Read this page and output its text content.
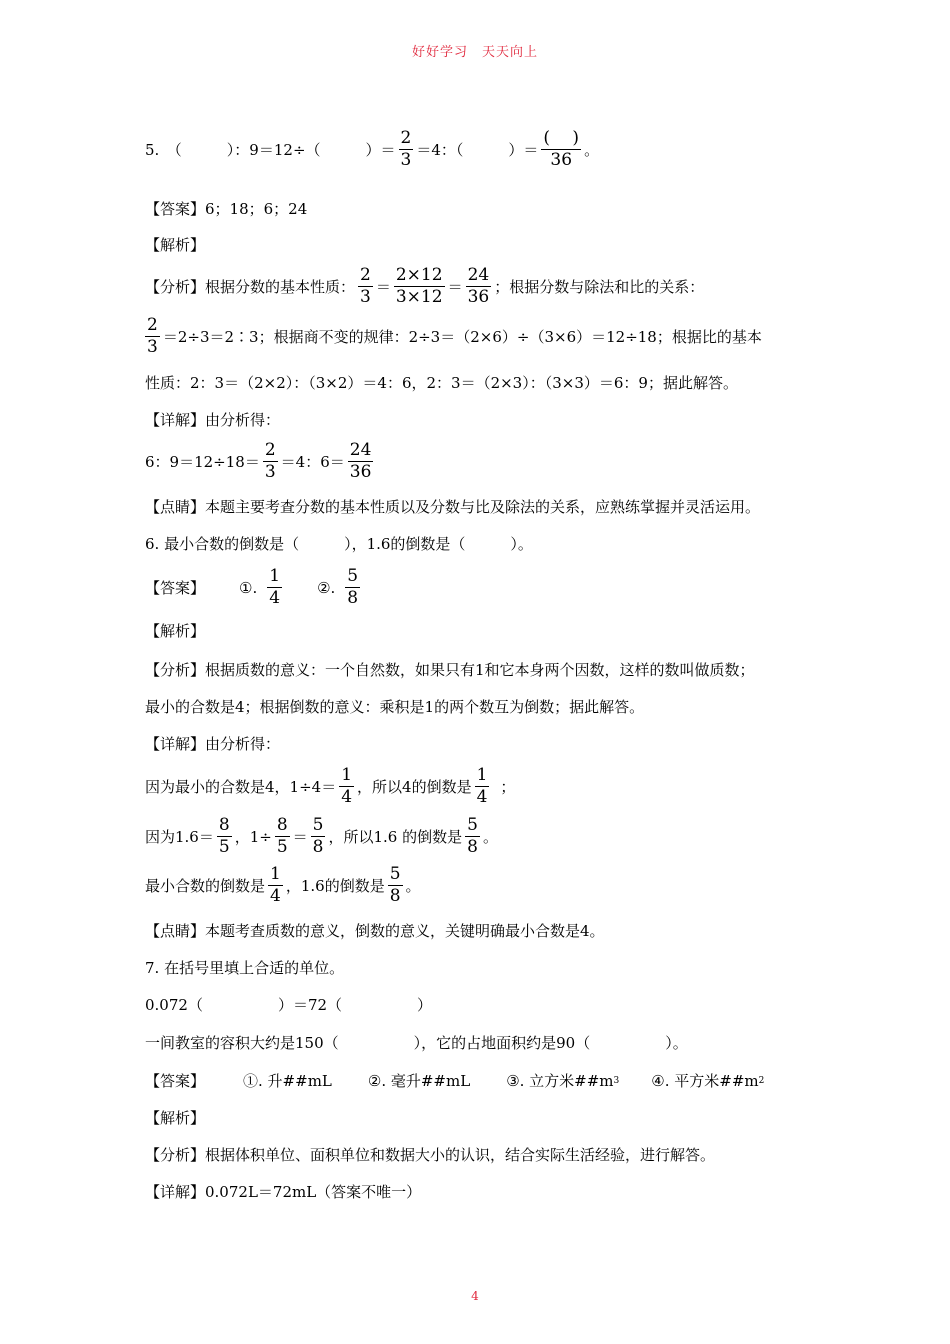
好好学习　天天向上
5.　（　　　）：9＝12÷（　　　）＝ $\frac{2}{3} =4$：（　　　）＝ $\frac{( )}{36}$ 。
【答案】6；18；6；24
【解析】
【分析】根据分数的基本性质： $\frac{2}{3} = \frac{2\times 12}{3\times 12} = \frac{24}{36}$ ；根据分数与除法和比的关系：
$\frac{2}{3}$ ＝2÷3＝2∶3；根据商不变的规律：2÷3＝（2×6）÷（3×6）＝12÷18；根据比的基本
性质：2：3＝（2×2）：（3×2）＝4：6，2：3＝（2×3）：（3×3）＝6：9；据此解答。
【详解】由分析得：
6：$9=12\div 18= \frac{2}{3} =4$：$6= \frac{24}{36}$
【点睛】本题主要考查分数的基本性质以及分数与比及除法的关系，应熟练掌握并灵活运用。
6. 最小合数的倒数是（　　　），1.6的倒数是（　　　）。
【答案】 ①. $\frac{1}{4}$ ②. $\frac{5}{8}$
【解析】
【分析】根据质数的意义：一个自然数，如果只有1和它本身两个因数，这样的数叫做质数；
最小的合数是4；根据倒数的意义：乘积是1的两个数互为倒数；据此解答。
【详解】由分析得：
因为最小的合数是4，$1\div 4= \frac{1}{4}$ ，所以4的倒数是 $\frac{1}{4}$ ；
因为$1.6= \frac{8}{5}$ ，$1\div \frac{8}{5} = \frac{5}{8}$ ，所以1.6 的倒数是 $\frac{5}{8}$ 。
最小合数的倒数是 $\frac{1}{4}$ ，1.6的倒数是 $\frac{5}{8}$ 。
【点睛】本题考查质数的意义，倒数的意义，关键明确最小合数是4。
7. 在括号里填上合适的单位。
0.072（　　　　　）＝72（　　　　　）
一间教室的容积大约是150（　　　　　），它的占地面积约是90（　　　　　）。
【答案】	①. 升##mL ②. 毫升##mL ③. 立方米$\#\#m^3$ ④. 平方米$\#\#m^2$
【解析】
【分析】根据体积单位、面积单位和数据大小的认识，结合实际生活经验，进行解答。
【详解】0.072L＝72mL（答案不唯一）
4
